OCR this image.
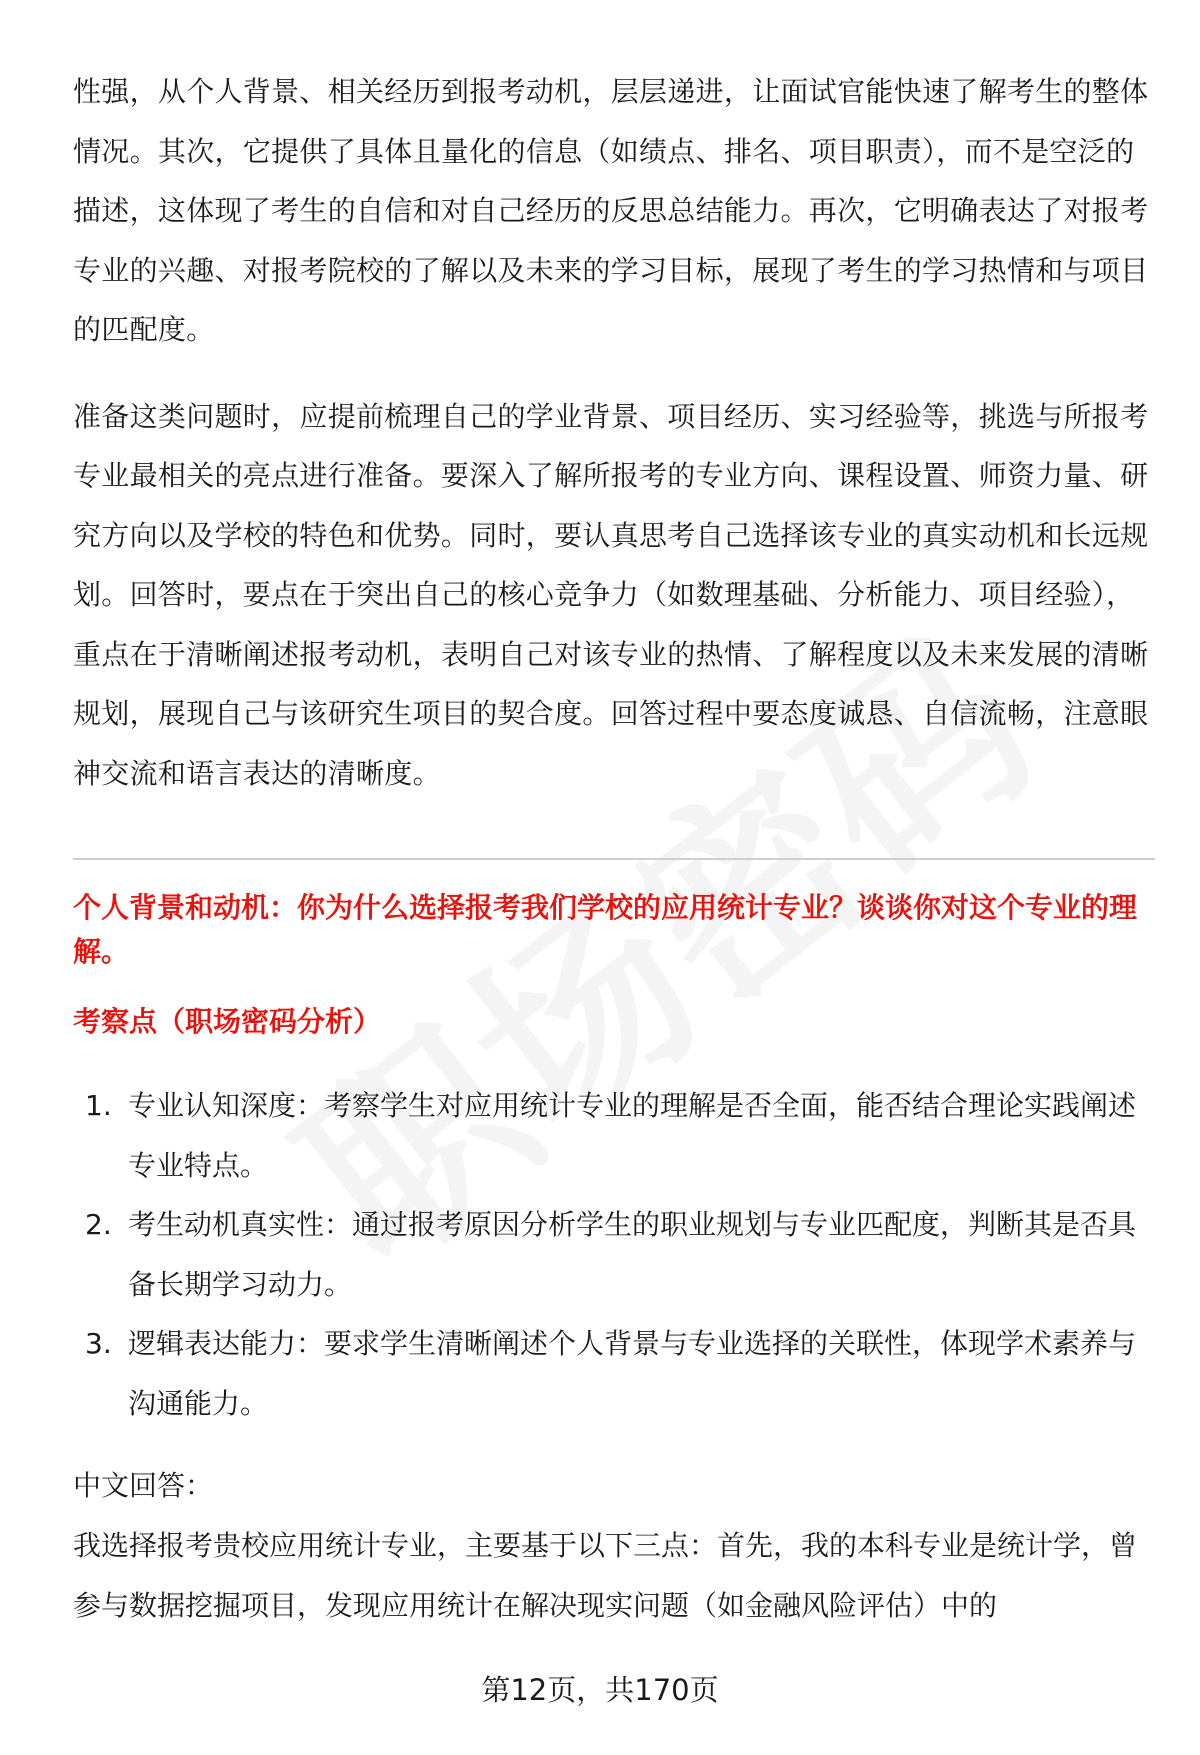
性强，从个人背景、相关经历到报考动机，层层递进，让面试官能快速了解考生的整体情况。其次，它提供了具体且量化的信息（如绩点、排名、项目职责），而不是空泛的描述，这体现了考生的自信和对自己经历的反思总结能力。再次，它明确表达了对报考专业的兴趣、对报考院校的了解以及未来的学习目标，展现了考生的学习热情和与项目的匹配度。

准备这类问题时，应提前梳理自己的学业背景、项目经历、实习经验等，挑选与所报考专业最相关的亮点进行准备。要深入了解所报考的专业方向、课程设置、师资力量、研究方向以及学校的特色和优势。同时，要认真思考自己选择该专业的真实动机和长远规划。回答时，要点在于突出自己的核心竞争力（如数理基础、分析能力、项目经验），重点在于清晰阐述报考动机，表明自己对该专业的热情、了解程度以及未来发展的清晰规划，展现自己与该研究生项目的契合度。回答过程中要态度诚恳、自信流畅，注意眼神交流和语言表达的清晰度。

个人背景和动机：你为什么选择报考我们学校的应用统计专业？谈谈你对这个专业的理解。

考察点（职场密码分析）

1. 专业认知深度：考察学生对应用统计专业的理解是否全面，能否结合理论实践阐述专业特点。
2. 考生动机真实性：通过报考原因分析学生的职业规划与专业匹配度，判断其是否具备长期学习动力。
3. 逻辑表达能力：要求学生清晰阐述个人背景与专业选择的关联性，体现学术素养与沟通能力。

中文回答：

我选择报考贵校应用统计专业，主要基于以下三点：首先，我的本科专业是统计学，曾参与数据挖掘项目，发现应用统计在解决现实问题（如金融风险评估）中的

第12页，共170页
